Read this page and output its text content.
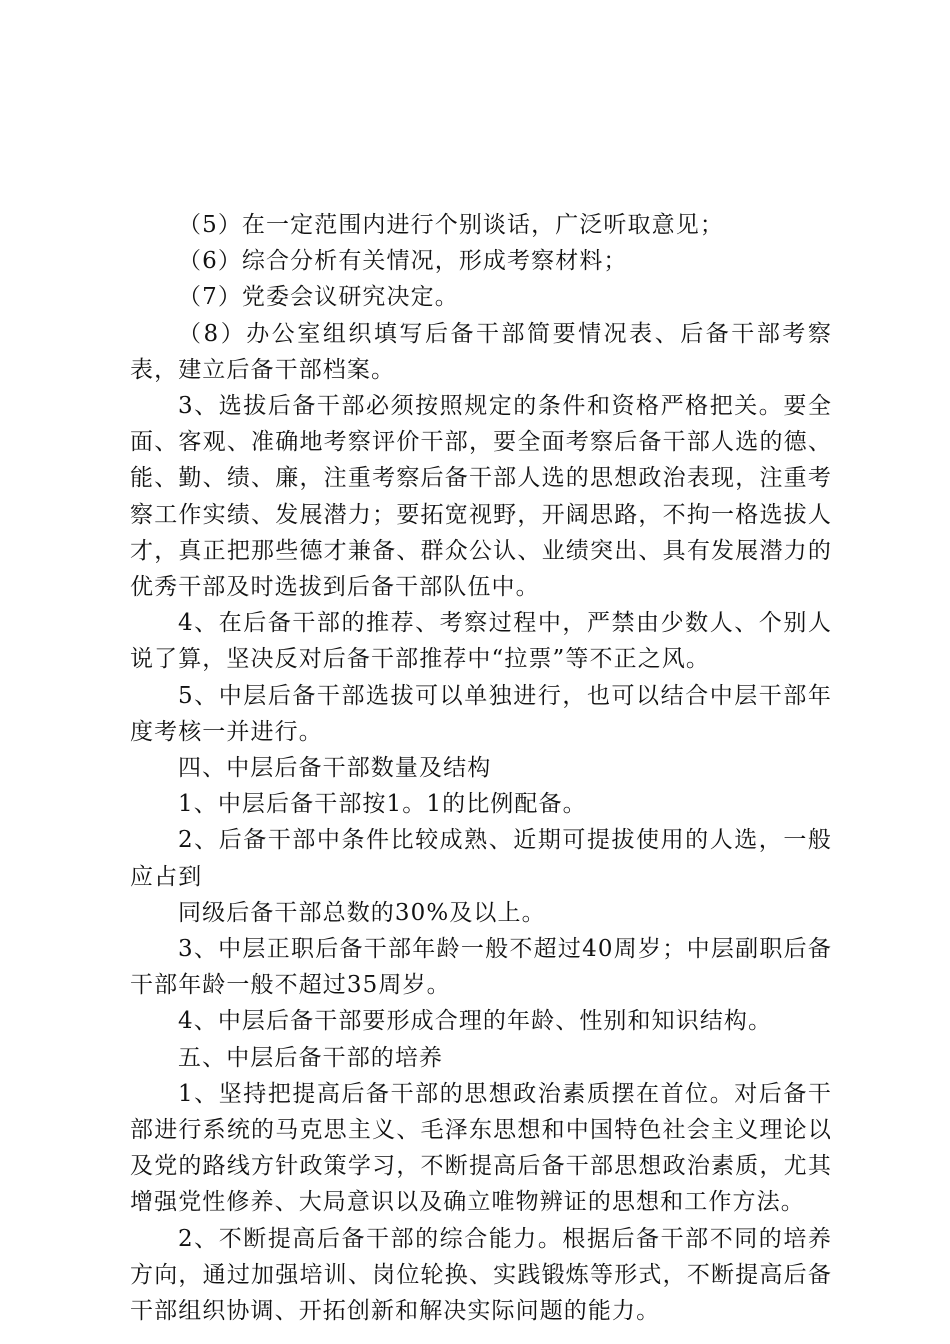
（5）在一定范围内进行个别谈话，广泛听取意见；

（6）综合分析有关情况，形成考察材料；

（7）党委会议研究决定。

（8）办公室组织填写后备干部简要情况表、后备干部考察表，建立后备干部档案。

3、选拔后备干部必须按照规定的条件和资格严格把关。要全面、客观、准确地考察评价干部，要全面考察后备干部人选的德、能、勤、绩、廉，注重考察后备干部人选的思想政治表现，注重考察工作实绩、发展潜力；要拓宽视野，开阔思路，不拘一格选拔人才，真正把那些德才兼备、群众公认、业绩突出、具有发展潜力的优秀干部及时选拔到后备干部队伍中。

4、在后备干部的推荐、考察过程中，严禁由少数人、个别人说了算，坚决反对后备干部推荐中“拉票”等不正之风。

5、中层后备干部选拔可以单独进行，也可以结合中层干部年度考核一并进行。

四、中层后备干部数量及结构

1、中层后备干部按1。1的比例配备。

2、后备干部中条件比较成熟、近期可提拔使用的人选，一般应占到

同级后备干部总数的30%及以上。

3、中层正职后备干部年龄一般不超过40周岁；中层副职后备干部年龄一般不超过35周岁。

4、中层后备干部要形成合理的年龄、性别和知识结构。

五、中层后备干部的培养

1、坚持把提高后备干部的思想政治素质摆在首位。对后备干部进行系统的马克思主义、毛泽东思想和中国特色社会主义理论以及党的路线方针政策学习，不断提高后备干部思想政治素质，尤其增强党性修养、大局意识以及确立唯物辨证的思想和工作方法。

2、不断提高后备干部的综合能力。根据后备干部不同的培养方向，通过加强培训、岗位轮换、实践锻炼等形式，不断提高后备干部组织协调、开拓创新和解决实际问题的能力。
